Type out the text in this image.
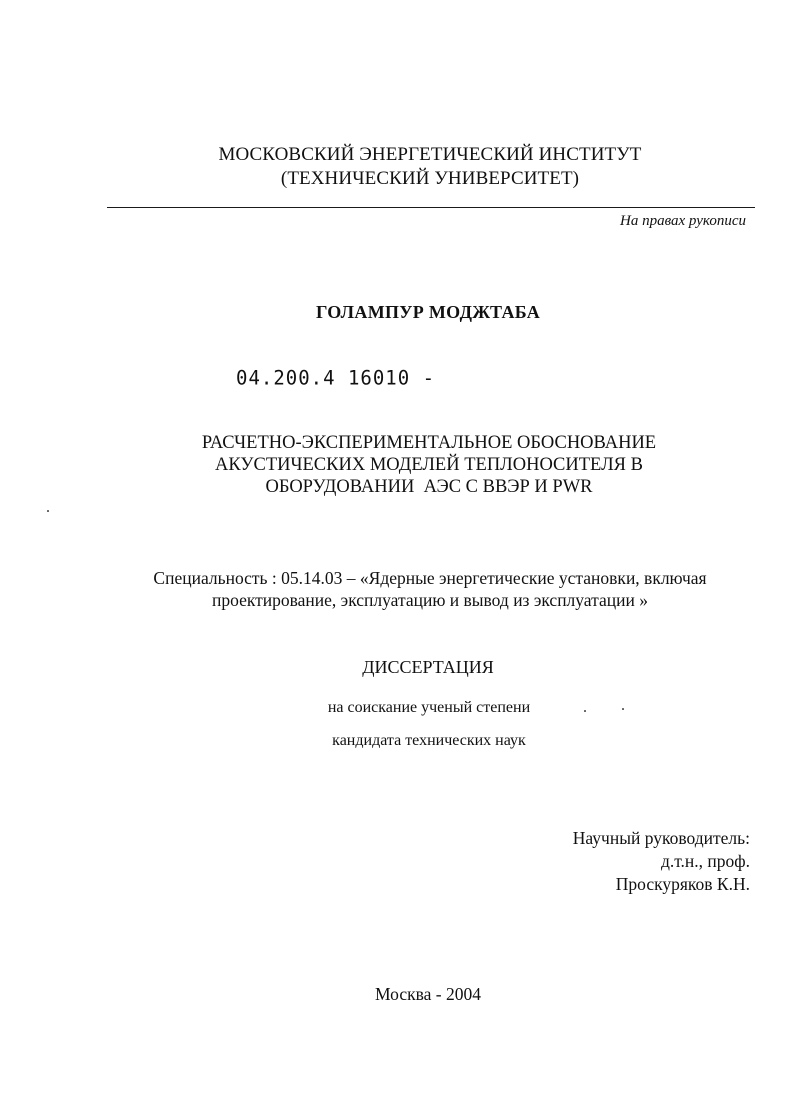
МОСКОВСКИЙ ЭНЕРГЕТИЧЕСКИЙ ИНСТИТУТ
(ТЕХНИЧЕСКИЙ УНИВЕРСИТЕТ)
На правах рукописи
ГОЛАМПУР МОДЖТАБА
04.200.4 16010 -
РАСЧЕТНО-ЭКСПЕРИМЕНТАЛЬНОЕ ОБОСНОВАНИЕ
АКУСТИЧЕСКИХ МОДЕЛЕЙ ТЕПЛОНОСИТЕЛЯ В
ОБОРУДОВАНИИ  АЭС С ВВЭР И PWR
Специальность : 05.14.03 – «Ядерные энергетические установки, включая
проектирование, эксплуатацию и вывод из эксплуатации »
ДИССЕРТАЦИЯ
на соискание ученый степени
кандидата технических наук
Научный руководитель:
д.т.н., проф.
Проскуряков К.Н.
Москва - 2004
